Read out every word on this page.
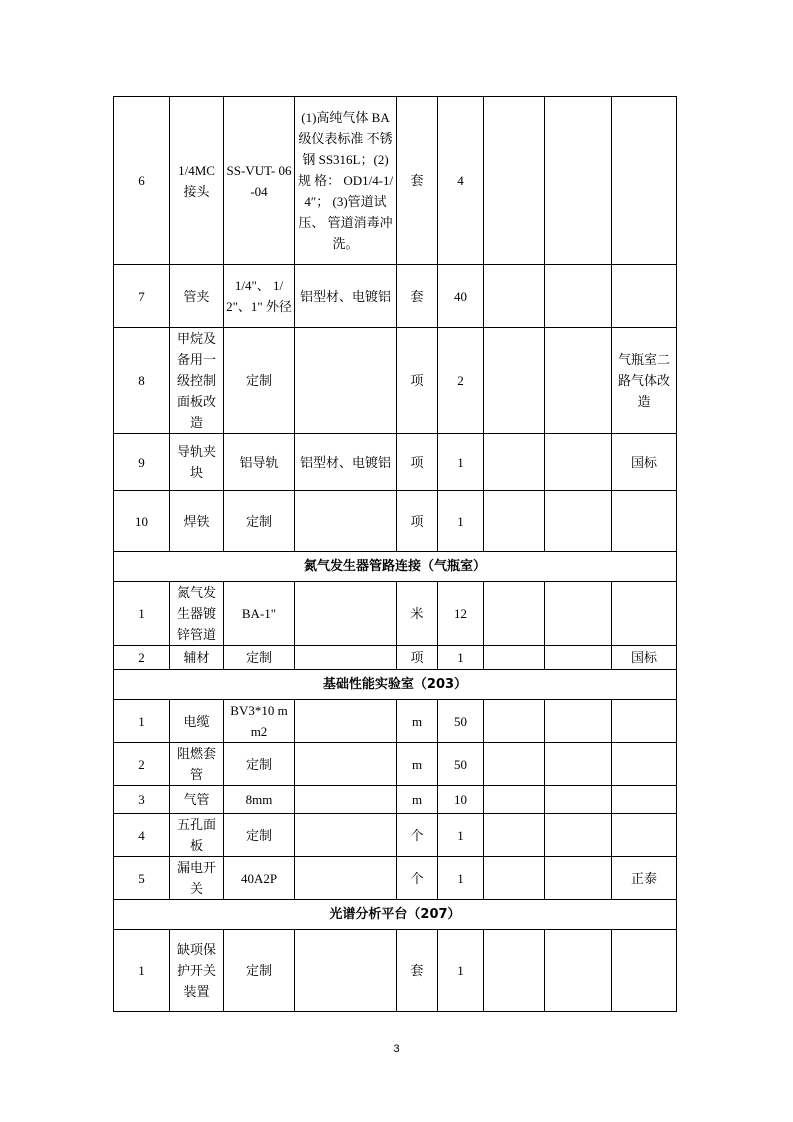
6	1/4MC 接头	SS-VUT- 06-04	(1)高纯气体 BA级仪表标准 不锈钢 SS316L；(2)规 格： OD1/4-1/4″； (3)管道试压、 管道消毒冲洗。	套	4			
7	管夹	1/4"、 1/2"、1" 外径	铝型材、电镀铝	套	40			
8	甲烷及 备用一 级控制 面板改 造	定制		项	2			气瓶室二 路气体改 造
9	导轨夹 块	铝导轨	铝型材、电镀铝	项	1			国标
10	焊铁	定制		项	1			
氮气发生器管路连接（气瓶室）								
1	氮气发 生器镀 锌管道	BA-1"		米	12			
2	辅材	定制		项	1			国标
基础性能实验室（203）								
1	电缆	BV3*10 mm2		m	50			
2	阻燃套 管	定制		m	50			
3	气管	8mm		m	10			
4	五孔面 板	定制		个	1			
5	漏电开 关	40A2P		个	1			正泰
光谱分析平台（207）								
1	缺项保 护开关 装置	定制		套	1			
3
